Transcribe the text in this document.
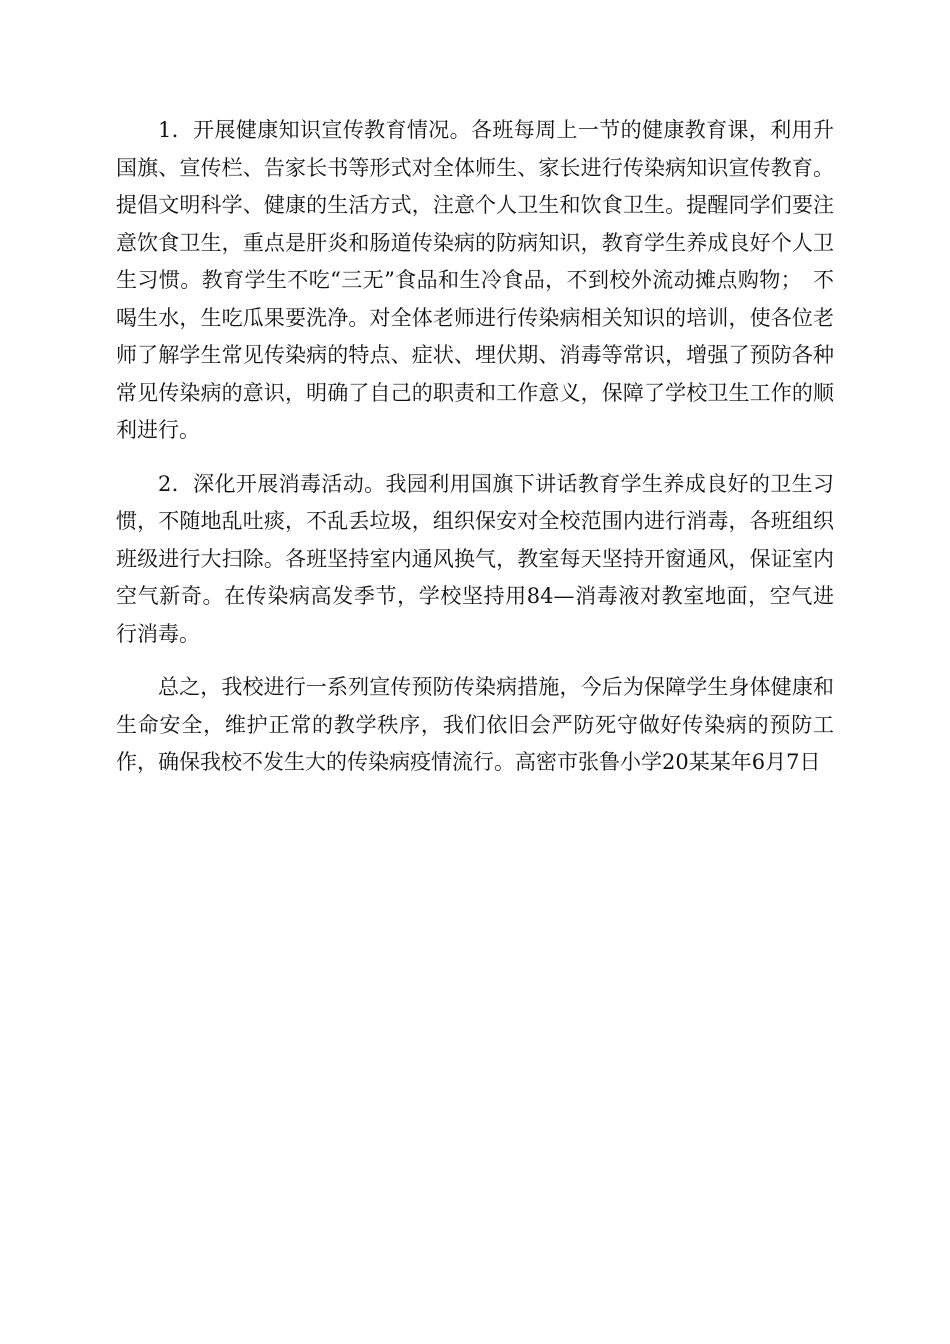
1．开展健康知识宣传教育情况。各班每周上一节的健康教育课，利用升国旗、宣传栏、告家长书等形式对全体师生、家长进行传染病知识宣传教育。提倡文明科学、健康的生活方式，注意个人卫生和饮食卫生。提醒同学们要注意饮食卫生，重点是肝炎和肠道传染病的防病知识，教育学生养成良好个人卫生习惯。教育学生不吃“三无”食品和生冷食品，不到校外流动摊点购物；　不喝生水，生吃瓜果要洗净。对全体老师进行传染病相关知识的培训，使各位老师了解学生常见传染病的特点、症状、埋伏期、消毒等常识，增强了预防各种常见传染病的意识，明确了自己的职责和工作意义，保障了学校卫生工作的顺利进行。

2．深化开展消毒活动。我园利用国旗下讲话教育学生养成良好的卫生习惯，不随地乱吐痰，不乱丢垃圾，组织保安对全校范围内进行消毒，各班组织班级进行大扫除。各班坚持室内通风换气，教室每天坚持开窗通风，保证室内空气新奇。在传染病高发季节，学校坚持用84—消毒液对教室地面，空气进行消毒。

总之，我校进行一系列宣传预防传染病措施，今后为保障学生身体健康和生命安全，维护正常的教学秩序，我们依旧会严防死守做好传染病的预防工作，确保我校不发生大的传染病疫情流行。高密市张鲁小学20某某年6月7日
